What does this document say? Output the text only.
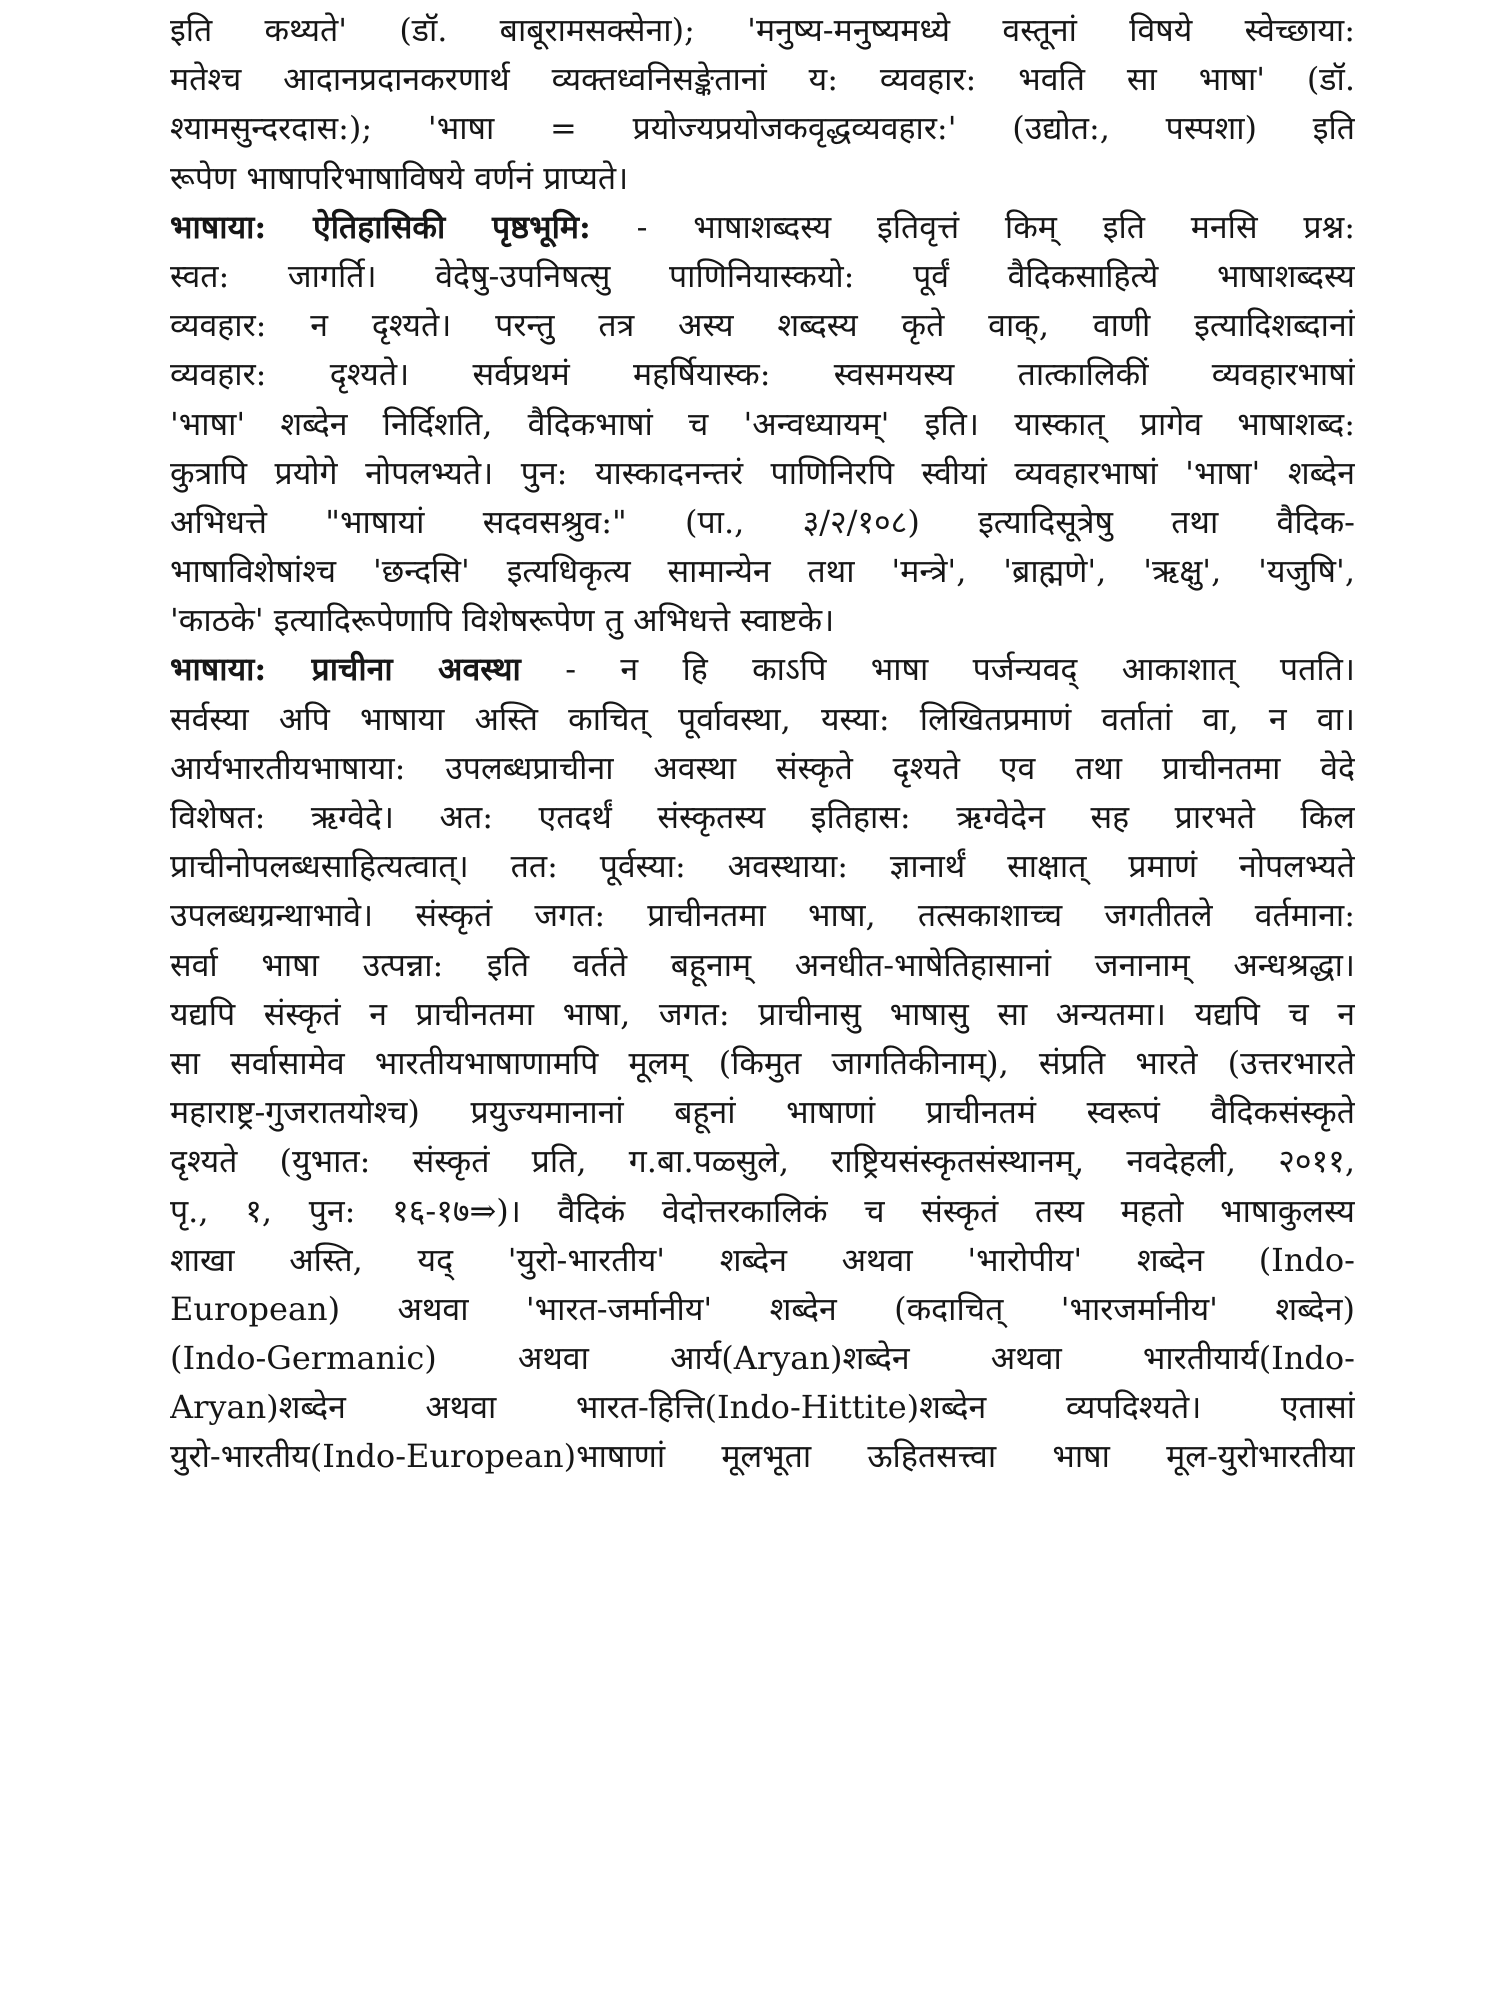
इति कथ्यते' (डॉ. बाबूरामसक्सेना); 'मनुष्य-मनुष्यमध्ये वस्तूनां विषये स्वेच्छाया:
मतेश्च आदानप्रदानकरणार्थ व्यक्तध्वनिसङ्केतानां य: व्यवहार: भवति सा भाषा' (डॉ.
श्यामसुन्दरदास:); 'भाषा = प्रयोज्यप्रयोजकवृद्धव्यवहार:' (उद्योत:, पस्पशा) इति
रूपेण भाषापरिभाषाविषये वर्णनं प्राप्यते।
भाषाया: ऐतिहासिकी पृष्ठभूमि: - भाषाशब्दस्य इतिवृत्तं किम् इति मनसि प्रश्न:
स्वत: जागर्ति। वेदेषु-उपनिषत्सु पाणिनियास्कयो: पूर्वं वैदिकसाहित्ये भाषाशब्दस्य
व्यवहार: न दृश्यते। परन्तु तत्र अस्य शब्दस्य कृते वाक्, वाणी इत्यादिशब्दानां
व्यवहार: दृश्यते। सर्वप्रथमं महर्षियास्क: स्वसमयस्य तात्कालिकीं व्यवहारभाषां
'भाषा' शब्देन निर्दिशति, वैदिकभाषां च 'अन्वध्यायम्' इति। यास्कात् प्रागेव भाषाशब्द:
कुत्रापि प्रयोगे नोपलभ्यते। पुन: यास्कादनन्तरं पाणिनिरपि स्वीयां व्यवहारभाषां 'भाषा' शब्देन
अभिधत्ते "भाषायां सदवसश्रुव:" (पा., ३/२/१०८) इत्यादिसूत्रेषु तथा वैदिक-
भाषाविशेषांश्च 'छन्दसि' इत्यधिकृत्य सामान्येन तथा 'मन्त्रे', 'ब्राह्मणे', 'ऋक्षु', 'यजुषि',
'काठके' इत्यादिरूपेणापि विशेषरूपेण तु अभिधत्ते स्वाष्टके।
भाषाया: प्राचीना अवस्था - न हि काऽपि भाषा पर्जन्यवद् आकाशात् पतति।
सर्वस्या अपि भाषाया अस्ति काचित् पूर्वावस्था, यस्या: लिखितप्रमाणं वर्तातां वा, न वा।
आर्यभारतीयभाषाया: उपलब्धप्राचीना अवस्था संस्कृते दृश्यते एव तथा प्राचीनतमा वेदे
विशेषत: ऋग्वेदे। अत: एतदर्थं संस्कृतस्य इतिहास: ऋग्वेदेन सह प्रारभते किल
प्राचीनोपलब्धसाहित्यत्वात्। तत: पूर्वस्या: अवस्थाया: ज्ञानार्थं साक्षात् प्रमाणं नोपलभ्यते
उपलब्धग्रन्थाभावे। संस्कृतं जगत: प्राचीनतमा भाषा, तत्सकाशाच्च जगतीतले वर्तमाना:
सर्वा भाषा उत्पन्ना: इति वर्तते बहूनाम् अनधीत-भाषेतिहासानां जनानाम् अन्धश्रद्धा।
यद्यपि संस्कृतं न प्राचीनतमा भाषा, जगत: प्राचीनासु भाषासु सा अन्यतमा। यद्यपि च न
सा सर्वासामेव भारतीयभाषाणामपि मूलम् (किमुत जागतिकीनाम्), संप्रति भारते (उत्तरभारते
महाराष्ट्र-गुजरातयोश्च) प्रयुज्यमानानां बहूनां भाषाणां प्राचीनतमं स्वरूपं वैदिकसंस्कृते
दृश्यते (युभात: संस्कृतं प्रति, ग.बा.पळ्सुले, राष्ट्रियसंस्कृतसंस्थानम्, नवदेहली, २०११,
पृ., १, पुन: १६-१७⇒)। वैदिकं वेदोत्तरकालिकं च संस्कृतं तस्य महतो भाषाकुलस्य
शाखा अस्ति, यद् 'युरो-भारतीय' शब्देन अथवा 'भारोपीय' शब्देन (Indo-
European) अथवा 'भारत-जर्मानीय' शब्देन (कदाचित् 'भारजर्मानीय' शब्देन)
(Indo-Germanic) अथवा आर्य(Aryan)शब्देन अथवा भारतीयार्य(Indo-
Aryan)शब्देन अथवा भारत-हित्ति(Indo-Hittite)शब्देन व्यपदिश्यते। एतासां
युरो-भारतीय(Indo-European)भाषाणां मूलभूता ऊहितसत्त्वा भाषा मूल-युरोभारतीया
